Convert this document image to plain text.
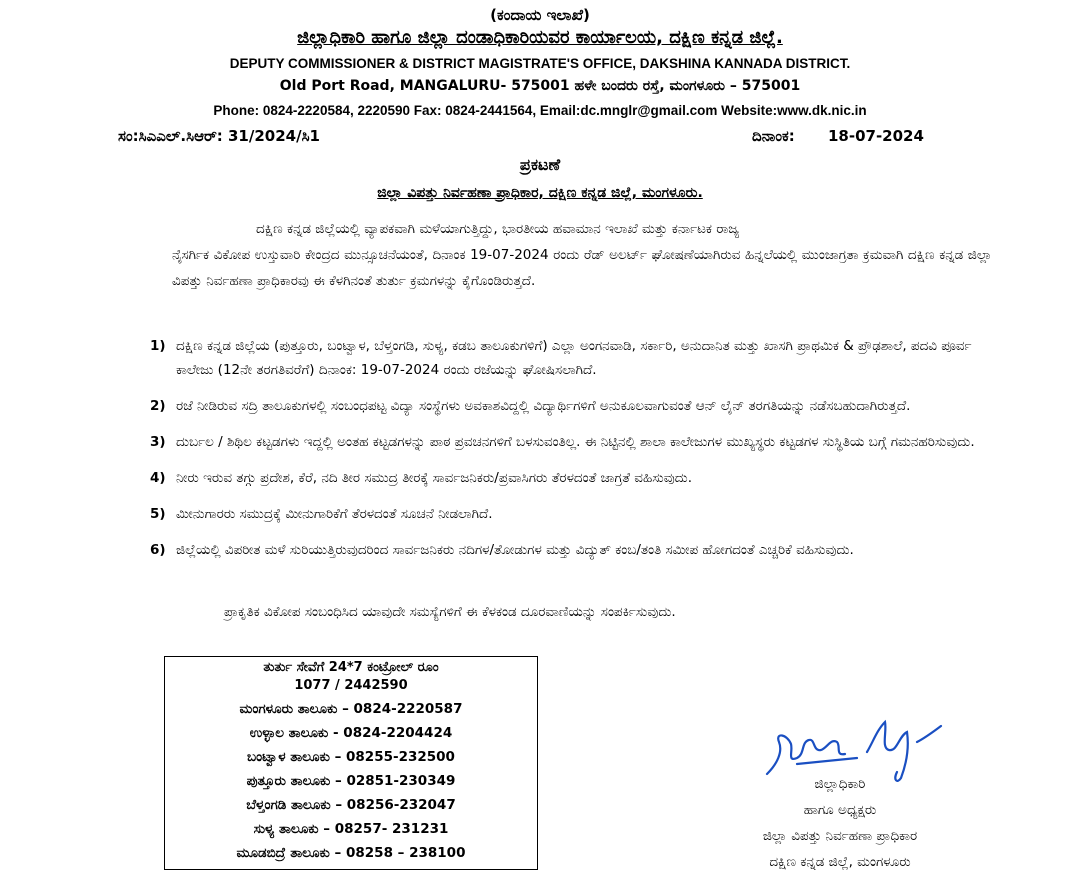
(ಕಂದಾಯ ಇಲಾಖೆ)
ಜಿಲ್ಲಾಧಿಕಾರಿ ಹಾಗೂ ಜಿಲ್ಲಾ ದಂಡಾಧಿಕಾರಿಯವರ ಕಾರ್ಯಾಲಯ, ದಕ್ಷಿಣ ಕನ್ನಡ ಜಿಲ್ಲೆ.
DEPUTY COMMISSIONER & DISTRICT MAGISTRATE'S OFFICE, DAKSHINA KANNADA DISTRICT.
Old Port Road, MANGALURU- 575001 ಹಳೇ ಬಂದರು ರಸ್ತೆ, ಮಂಗಳೂರು – 575001
Phone: 0824-2220584, 2220590 Fax: 0824-2441564, Email:dc.mnglr@gmail.com Website:www.dk.nic.in
ಸಂ:ಸಿಎಎಲ್.ಸಿಆರ್: 31/2024/ಸಿ1	ದಿನಾಂಕ: 18-07-2024
ಪ್ರಕಟಣೆ
ಜಿಲ್ಲಾ ವಿಪತ್ತು ನಿರ್ವಹಣಾ ಪ್ರಾಧಿಕಾರ, ದಕ್ಷಿಣ ಕನ್ನಡ ಜಿಲ್ಲೆ, ಮಂಗಳೂರು.
ದಕ್ಷಿಣ ಕನ್ನಡ ಜಿಲ್ಲೆಯಲ್ಲಿ ವ್ಯಾಪಕವಾಗಿ ಮಳೆಯಾಗುತ್ತಿದ್ದು, ಭಾರತೀಯ ಹವಾಮಾನ ಇಲಾಖೆ ಮತ್ತು ಕರ್ನಾಟಕ ರಾಜ್ಯ
ನೈಸರ್ಗಿಕ ವಿಕೋಪ ಉಸ್ತುವಾರಿ ಕೇಂದ್ರದ ಮುನ್ಸೂಚನೆಯಂತೆ, ದಿನಾಂಕ 19-07-2024 ರಂದು ರೆಡ್ ಅಲರ್ಟ್ ಘೋಷಣೆಯಾಗಿರುವ ಹಿನ್ನಲೆಯಲ್ಲಿ ಮುಂಜಾಗ್ರತಾ ಕ್ರಮವಾಗಿ ದಕ್ಷಿಣ ಕನ್ನಡ ಜಿಲ್ಲಾ ವಿಪತ್ತು ನಿರ್ವಹಣಾ ಪ್ರಾಧಿಕಾರವು ಈ ಕೆಳಗಿನಂತೆ ತುರ್ತು ಕ್ರಮಗಳನ್ನು ಕೈಗೊಂಡಿರುತ್ತದೆ.
1) ದಕ್ಷಿಣ ಕನ್ನಡ ಜಿಲ್ಲೆಯ (ಪುತ್ತೂರು, ಬಂಟ್ವಾಳ, ಬೆಳ್ತಂಗಡಿ, ಸುಳ್ಯ, ಕಡಬ ತಾಲೂಕುಗಳಿಗೆ) ಎಲ್ಲಾ ಅಂಗನವಾಡಿ, ಸರ್ಕಾರಿ, ಅನುದಾನಿತ ಮತ್ತು ಖಾಸಗಿ ಪ್ರಾಥಮಿಕ & ಪ್ರೌಢಶಾಲೆ, ಪದವಿ ಪೂರ್ವ ಕಾಲೇಜು (12ನೇ ತರಗತಿವರೆಗೆ) ದಿನಾಂಕ: 19-07-2024 ರಂದು ರಜೆಯನ್ನು ಘೋಷಿಸಲಾಗಿದೆ.
2) ರಜೆ ನೀಡಿರುವ ಸದ್ರಿ ತಾಲೂಕುಗಳಲ್ಲಿ ಸಂಬಂಧಪಟ್ಟ ವಿದ್ಯಾ ಸಂಸ್ಥೆಗಳು ಅವಕಾಶವಿದ್ದಲ್ಲಿ ವಿದ್ಯಾರ್ಥಿಗಳಿಗೆ ಅನುಕೂಲವಾಗುವಂತೆ ಆನ್ ಲೈನ್ ತರಗತಿಯನ್ನು ನಡೆಸಬಹುದಾಗಿರುತ್ತದೆ.
3) ದುರ್ಬಲ / ಶಿಥಿಲ ಕಟ್ಟಡಗಳು ಇದ್ದಲ್ಲಿ ಅಂತಹ ಕಟ್ಟಡಗಳನ್ನು ಪಾಠ ಪ್ರವಚನಗಳಿಗೆ ಬಳಸುವಂತಿಲ್ಲ. ಈ ನಿಟ್ಟಿನಲ್ಲಿ ಶಾಲಾ ಕಾಲೇಜುಗಳ ಮುಖ್ಯಸ್ಥರು ಕಟ್ಟಡಗಳ ಸುಸ್ಥಿತಿಯ ಬಗ್ಗೆ ಗಮನಹರಿಸುವುದು.
4) ನೀರು ಇರುವ ತಗ್ಗು ಪ್ರದೇಶ, ಕೆರೆ, ನದಿ ತೀರ ಸಮುದ್ರ ತೀರಕ್ಕೆ ಸಾರ್ವಜನಿಕರು/ಪ್ರವಾಸಿಗರು ತೆರಳದಂತೆ ಜಾಗ್ರತೆ ವಹಿಸುವುದು.
5) ಮೀನುಗಾರರು ಸಮುದ್ರಕ್ಕೆ ಮೀನುಗಾರಿಕೆಗೆ ತೆರಳದಂತೆ ಸೂಚನೆ ನೀಡಲಾಗಿದೆ.
6) ಜಿಲ್ಲೆಯಲ್ಲಿ ವಿಪರೀತ ಮಳೆ ಸುರಿಯುತ್ತಿರುವುದರಿಂದ ಸಾರ್ವಜನಿಕರು ನದಿಗಳ/ತೋಡುಗಳ ಮತ್ತು ವಿದ್ಯುತ್ ಕಂಬ/ತಂತಿ ಸಮೀಪ ಹೋಗದಂತೆ ಎಚ್ಚರಿಕೆ ವಹಿಸುವುದು.
ಪ್ರಾಕೃತಿಕ ವಿಕೋಪ ಸಂಬಂಧಿಸಿದ ಯಾವುದೇ ಸಮಸ್ಯೆಗಳಿಗೆ ಈ ಕೆಳಕಂಡ ದೂರವಾಣಿಯನ್ನು ಸಂಪರ್ಕಿಸುವುದು.
ತುರ್ತು ಸೇವೆಗೆ 24*7 ಕಂಟ್ರೋಲ್ ರೂಂ
1077 / 2442590
ಮಂಗಳೂರು ತಾಲೂಕು – 0824-2220587
ಉಳ್ಳಾಲ ತಾಲೂಕು - 0824-2204424
ಬಂಟ್ವಾಳ ತಾಲೂಕು – 08255-232500
ಪುತ್ತೂರು ತಾಲೂಕು – 02851-230349
ಬೆಳ್ತಂಗಡಿ ತಾಲೂಕು – 08256-232047
ಸುಳ್ಯ ತಾಲೂಕು – 08257- 231231
ಮೂಡಬಿದ್ರೆ ತಾಲೂಕು – 08258 – 238100
ಜಿಲ್ಲಾಧಿಕಾರಿ
ಹಾಗೂ ಅಧ್ಯಕ್ಷರು
ಜಿಲ್ಲಾ ವಿಪತ್ತು ನಿರ್ವಹಣಾ ಪ್ರಾಧಿಕಾರ
ದಕ್ಷಿಣ ಕನ್ನಡ ಜಿಲ್ಲೆ, ಮಂಗಳೂರು
